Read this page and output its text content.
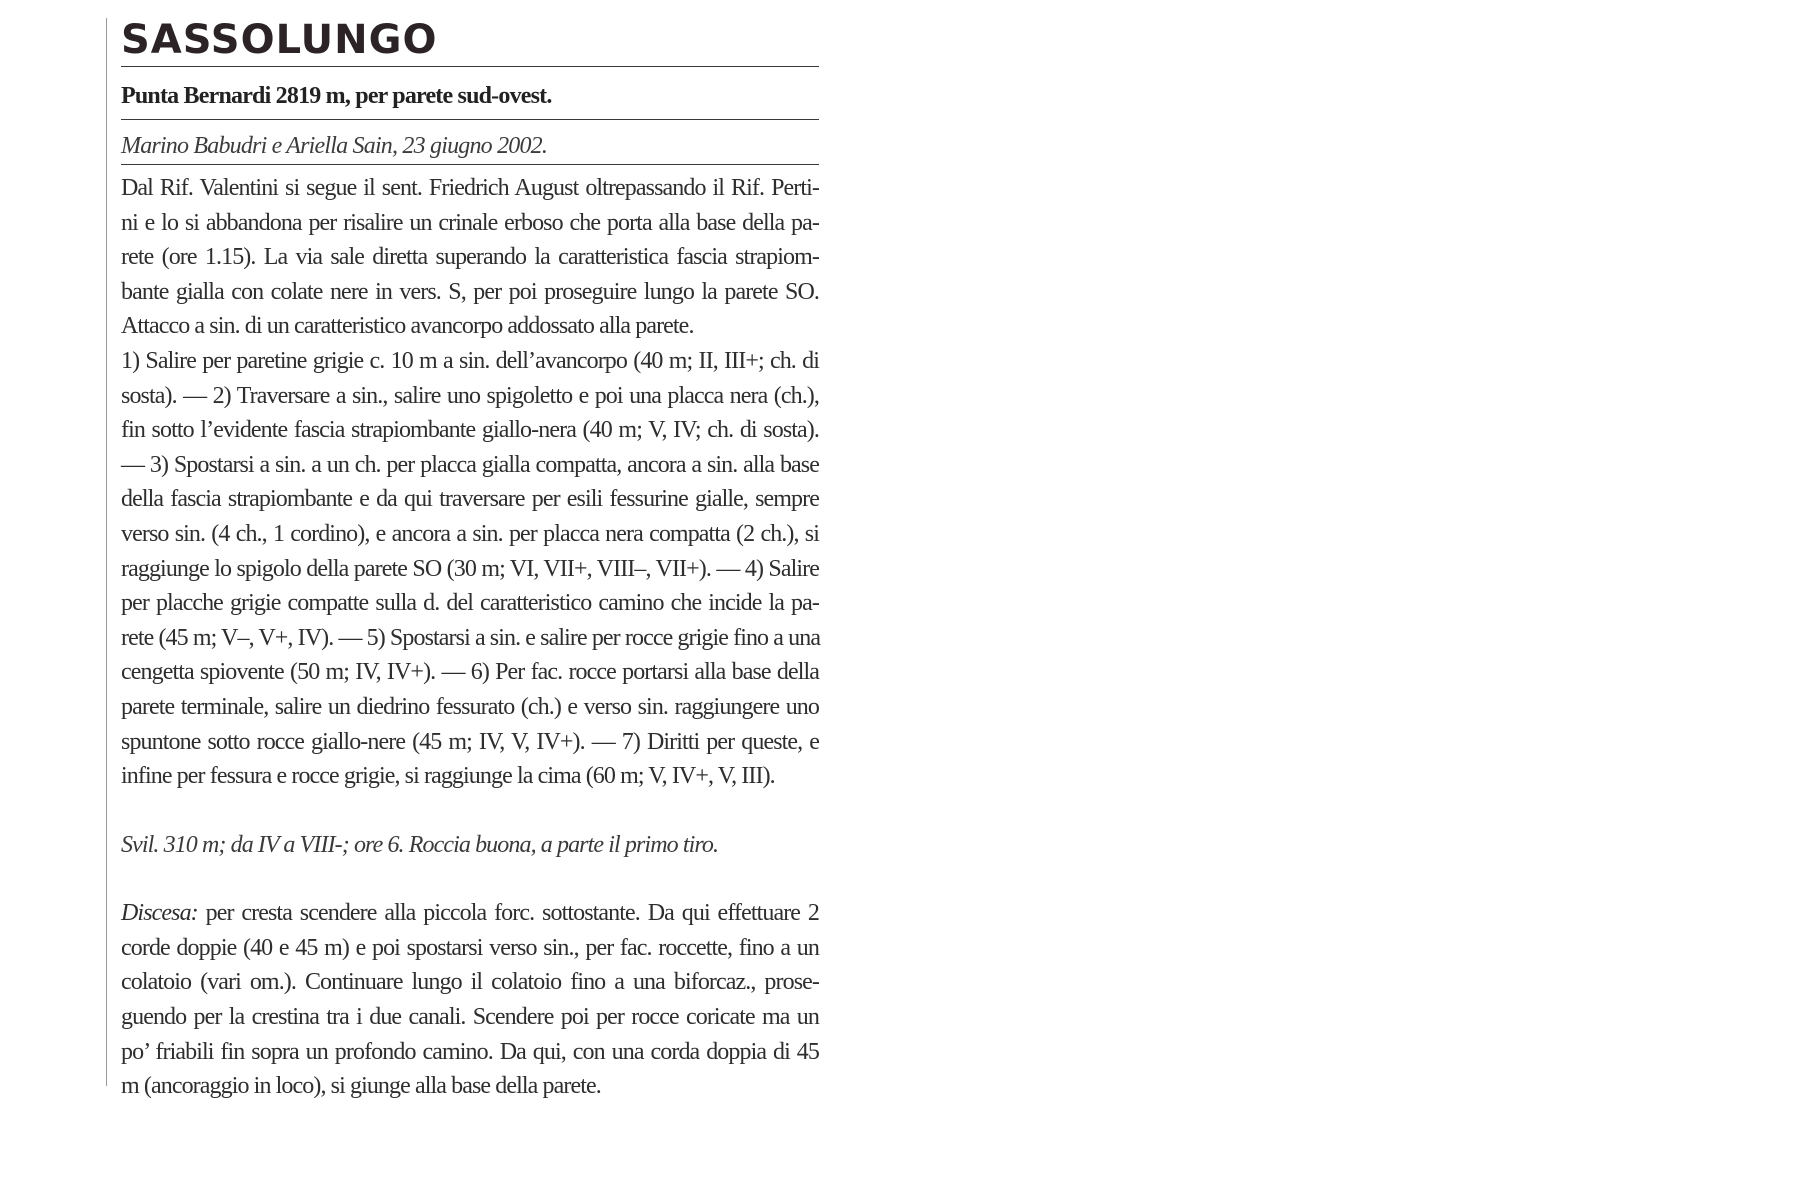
SASSOLUNGO
Punta Bernardi 2819 m, per parete sud-ovest.
Marino Babudri e Ariella Sain, 23 giugno 2002.
Dal Rif. Valentini si segue il sent. Friedrich August oltrepassando il Rif. Perti-
ni e lo si abbandona per risalire un crinale erboso che porta alla base della pa-
rete (ore 1.15). La via sale diretta superando la caratteristica fascia strapiom-
bante gialla con colate nere in vers. S, per poi proseguire lungo la parete SO.
Attacco a sin. di un caratteristico avancorpo addossato alla parete.
1) Salire per paretine grigie c. 10 m a sin. dell’avancorpo (40 m; II, III+; ch. di
sosta). — 2) Traversare a sin., salire uno spigoletto e poi una placca nera (ch.),
fin sotto l’evidente fascia strapiombante giallo-nera (40 m; V, IV; ch. di sosta).
— 3) Spostarsi a sin. a un ch. per placca gialla compatta, ancora a sin. alla base
della fascia strapiombante e da qui traversare per esili fessurine gialle, sempre
verso sin. (4 ch., 1 cordino), e ancora a sin. per placca nera compatta (2 ch.), si
raggiunge lo spigolo della parete SO (30 m; VI, VII+, VIII–, VII+). — 4) Salire
per placche grigie compatte sulla d. del caratteristico camino che incide la pa-
rete (45 m; V–, V+, IV). — 5) Spostarsi a sin. e salire per rocce grigie fino a una
cengetta spiovente (50 m; IV, IV+). — 6) Per fac. rocce portarsi alla base della
parete terminale, salire un diedrino fessurato (ch.) e verso sin. raggiungere uno
spuntone sotto rocce giallo-nere (45 m; IV, V, IV+). — 7) Diritti per queste, e
infine per fessura e rocce grigie, si raggiunge la cima (60 m; V, IV+, V, III).
Svil. 310 m; da IV a VIII-; ore 6. Roccia buona, a parte il primo tiro.
Discesa: per cresta scendere alla piccola forc. sottostante. Da qui effettuare 2
corde doppie (40 e 45 m) e poi spostarsi verso sin., per fac. roccette, fino a un
colatoio (vari om.). Continuare lungo il colatoio fino a una biforcaz., prose-
guendo per la crestina tra i due canali. Scendere poi per rocce coricate ma un
po’ friabili fin sopra un profondo camino. Da qui, con una corda doppia di 45
m (ancoraggio in loco), si giunge alla base della parete.
